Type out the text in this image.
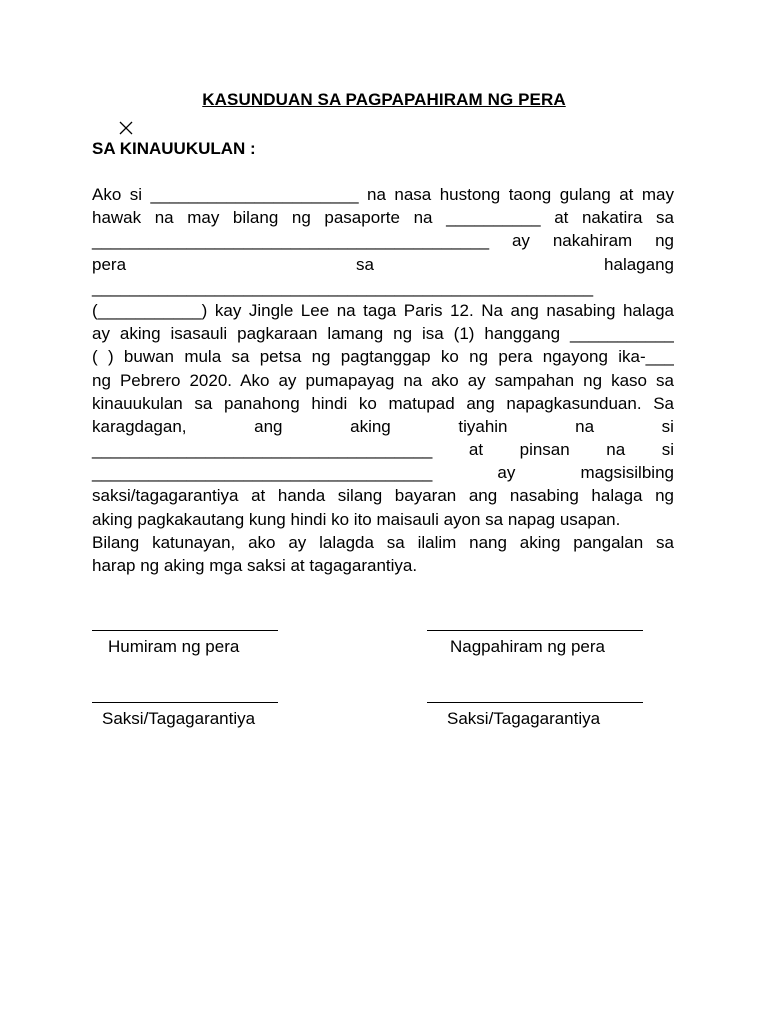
KASUNDUAN SA PAGPAPAHIRAM NG PERA
SA KINAUUKULAN :
Ako si ______________________ na nasa hustong taong gulang at may
hawak na may bilang ng pasaporte na __________ at nakatira sa
__________________________________________ ay nakahiram ng
pera	sa	halagang
_____________________________________________________
(___________) kay Jingle Lee na taga Paris 12. Na ang nasabing halaga
ay aking isasauli pagkaraan lamang ng isa (1) hanggang ___________
( ) buwan mula sa petsa ng pagtanggap ko ng pera ngayong ika-___
ng Pebrero 2020. Ako ay pumapayag na ako ay sampahan ng kaso sa
kinauukulan sa panahong hindi ko matupad ang napagkasunduan. Sa
karagdagan,	ang	aking	tiyahin	na	si
____________________________________ at pinsan na si
____________________________________	ay	magsisilbing
saksi/tagagarantiya at handa silang bayaran ang nasabing halaga ng
aking pagkakautang kung hindi ko ito maisauli ayon sa napag usapan.
Bilang katunayan, ako ay lalagda sa ilalim nang aking pangalan sa
harap ng aking mga saksi at tagagarantiya.
Humiram ng pera	Nagpahiram ng pera
Saksi/Tagagarantiya	Saksi/Tagagarantiya
